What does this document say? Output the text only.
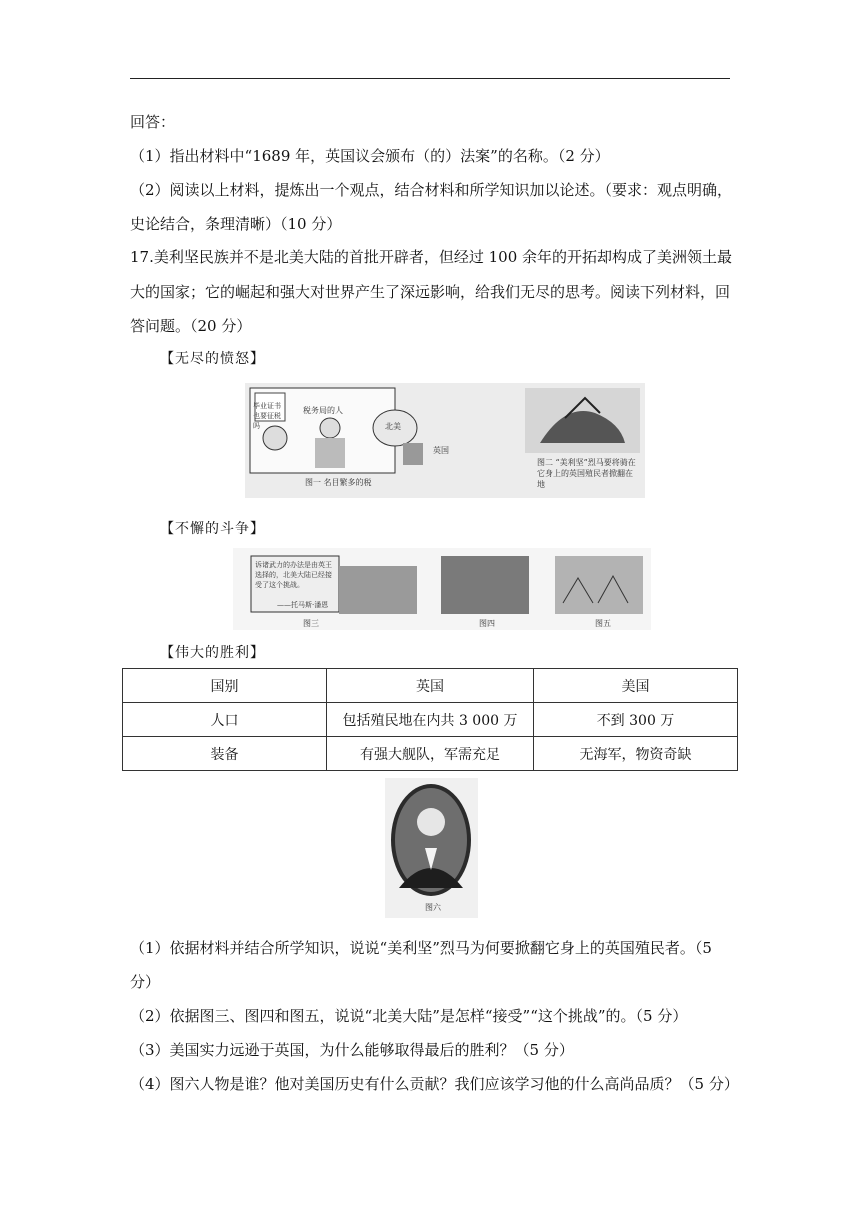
回答：
（1）指出材料中“1689 年，英国议会颁布（的）法案”的名称。（2 分）
（2）阅读以上材料，提炼出一个观点，结合材料和所学知识加以论述。（要求：观点明确，
史论结合，条理清晰）（10 分）
17.美利坚民族并不是北美大陆的首批开辟者，但经过 100 余年的开拓却构成了美洲领土最
大的国家；它的崛起和强大对世界产生了深远影响，给我们无尽的思考。阅读下列材料，回
答问题。（20 分）
【无尽的愤怒】
毕业证书也要征税吗
税务局的人
北美
英国
图一 名目繁多的税
图二 “美利坚”烈马要将骑在它身上的英国殖民者掀翻在地
【不懈的斗争】
诉诸武力的办法是由英王选择的，北美大陆已经接受了这个挑战。
——托马斯·潘恩
图三	图四	图五
【伟大的胜利】
国别	英国	美国
人口	包括殖民地在内共 3 000 万	不到 300 万
装备	有强大舰队，军需充足	无海军，物资奇缺
图六
（1）依据材料并结合所学知识，说说“美利坚”烈马为何要掀翻它身上的英国殖民者。（5
分）
（2）依据图三、图四和图五，说说“北美大陆”是怎样“接受”“这个挑战”的。（5 分）
（3）美国实力远逊于英国，为什么能够取得最后的胜利？（5 分）
（4）图六人物是谁？他对美国历史有什么贡献？我们应该学习他的什么高尚品质？（5 分）
